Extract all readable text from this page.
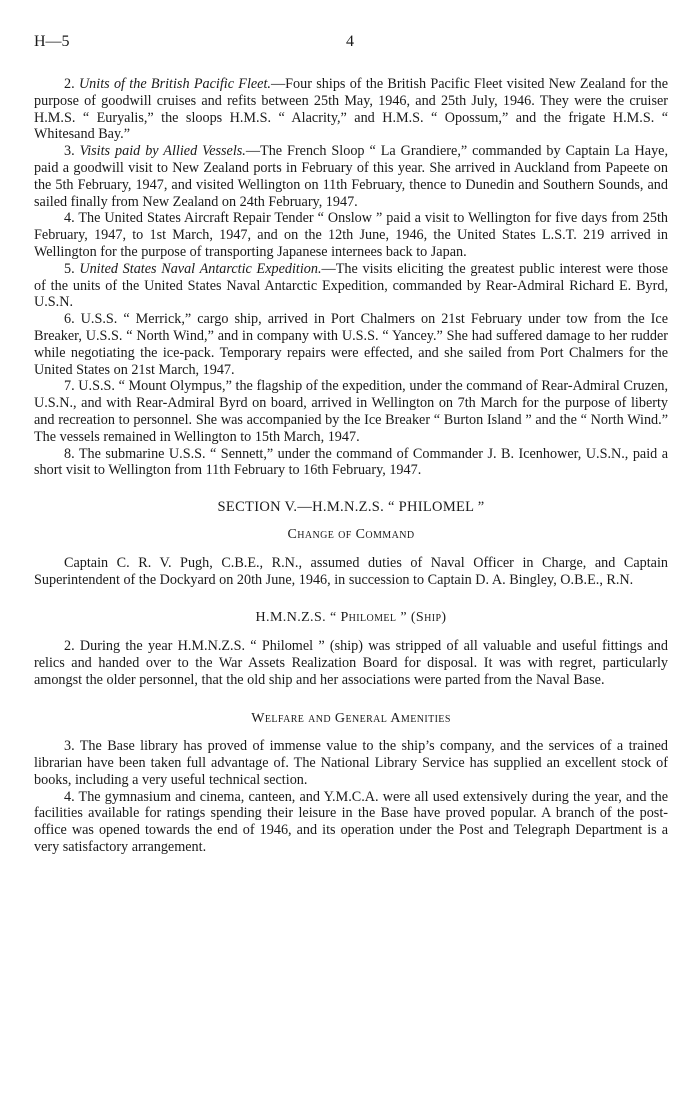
H—5	4

2. Units of the British Pacific Fleet.—Four ships of the British Pacific Fleet visited New Zealand for the purpose of goodwill cruises and refits between 25th May, 1946, and 25th July, 1946. They were the cruiser H.M.S. “ Euryalis,” the sloops H.M.S. “ Alacrity,” and H.M.S. “ Opossum,” and the frigate H.M.S. “ Whitesand Bay.”

3. Visits paid by Allied Vessels.—The French Sloop “ La Grandiere,” commanded by Captain La Haye, paid a goodwill visit to New Zealand ports in February of this year. She arrived in Auckland from Papeete on the 5th February, 1947, and visited Wellington on 11th February, thence to Dunedin and Southern Sounds, and sailed finally from New Zealand on 24th February, 1947.

4. The United States Aircraft Repair Tender “ Onslow ” paid a visit to Wellington for five days from 25th February, 1947, to 1st March, 1947, and on the 12th June, 1946, the United States L.S.T. 219 arrived in Wellington for the purpose of transporting Japanese internees back to Japan.

5. United States Naval Antarctic Expedition.—The visits eliciting the greatest public interest were those of the units of the United States Naval Antarctic Expedition, commanded by Rear-Admiral Richard E. Byrd, U.S.N.

6. U.S.S. “ Merrick,” cargo ship, arrived in Port Chalmers on 21st February under tow from the Ice Breaker, U.S.S. “ North Wind,” and in company with U.S.S. “ Yancey.” She had suffered damage to her rudder while negotiating the ice-pack. Temporary repairs were effected, and she sailed from Port Chalmers for the United States on 21st March, 1947.

7. U.S.S. “ Mount Olympus,” the flagship of the expedition, under the command of Rear-Admiral Cruzen, U.S.N., and with Rear-Admiral Byrd on board, arrived in Wellington on 7th March for the purpose of liberty and recreation to personnel. She was accompanied by the Ice Breaker “ Burton Island ” and the “ North Wind.” The vessels remained in Wellington to 15th March, 1947.

8. The submarine U.S.S. “ Sennett,” under the command of Commander J. B. Icenhower, U.S.N., paid a short visit to Wellington from 11th February to 16th February, 1947.

SECTION V.—H.M.N.Z.S. “ PHILOMEL ”
Change of Command

Captain C. R. V. Pugh, C.B.E., R.N., assumed duties of Naval Officer in Charge, and Captain Superintendent of the Dockyard on 20th June, 1946, in succession to Captain D. A. Bingley, O.B.E., R.N.

H.M.N.Z.S. “ Philomel ” (Ship)

2. During the year H.M.N.Z.S. “ Philomel ” (ship) was stripped of all valuable and useful fittings and relics and handed over to the War Assets Realization Board for disposal. It was with regret, particularly amongst the older personnel, that the old ship and her associations were parted from the Naval Base.

Welfare and General Amenities

3. The Base library has proved of immense value to the ship’s company, and the services of a trained librarian have been taken full advantage of. The National Library Service has supplied an excellent stock of books, including a very useful technical section.

4. The gymnasium and cinema, canteen, and Y.M.C.A. were all used extensively during the year, and the facilities available for ratings spending their leisure in the Base have proved popular. A branch of the post-office was opened towards the end of 1946, and its operation under the Post and Telegraph Department is a very satisfactory arrangement.
